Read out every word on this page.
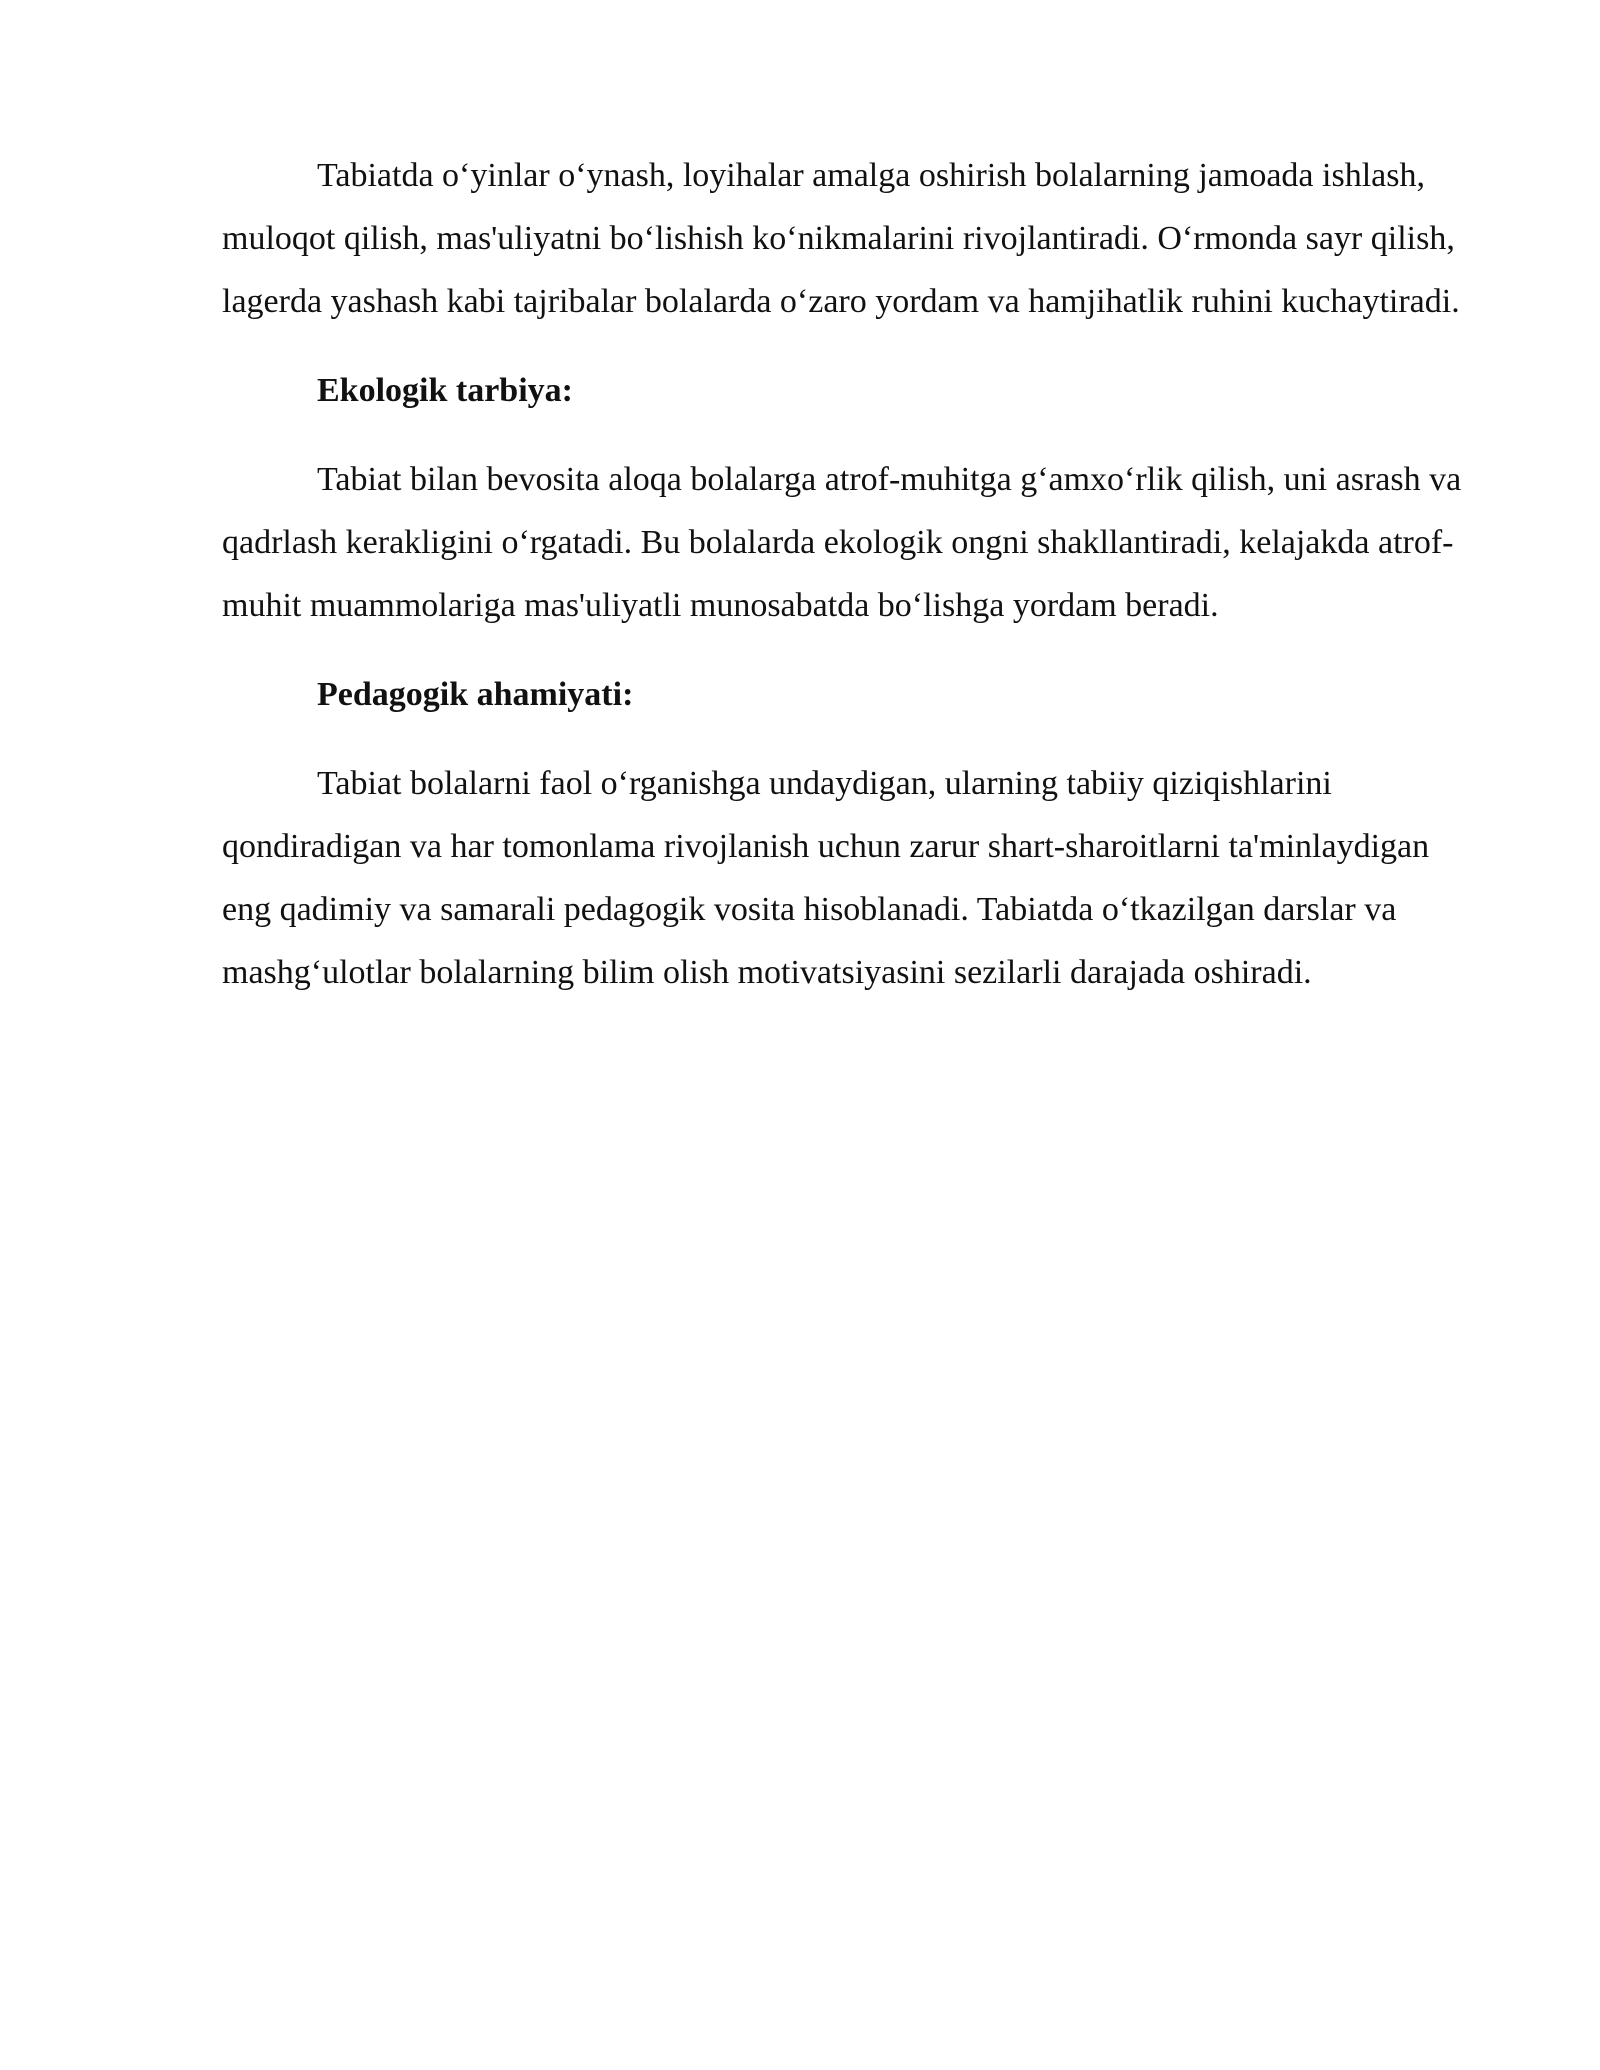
Tabiatda o‘yinlar o‘ynash, loyihalar amalga oshirish bolalarning jamoada ishlash, muloqot qilish, mas'uliyatni bo‘lishish ko‘nikmalarini rivojlantiradi. O‘rmonda sayr qilish, lagerda yashash kabi tajribalar bolalarda o‘zaro yordam va hamjihatlik ruhini kuchaytiradi.

Ekologik tarbiya:

Tabiat bilan bevosita aloqa bolalarga atrof-muhitga g‘amxo‘rlik qilish, uni asrash va qadrlash kerakligini o‘rgatadi. Bu bolalarda ekologik ongni shakllantiradi, kelajakda atrof-muhit muammolariga mas'uliyatli munosabatda bo‘lishga yordam beradi.

Pedagogik ahamiyati:

Tabiat bolalarni faol o‘rganishga undaydigan, ularning tabiiy qiziqishlarini qondiradigan va har tomonlama rivojlanish uchun zarur shart-sharoitlarni ta'minlaydigan eng qadimiy va samarali pedagogik vosita hisoblanadi. Tabiatda o‘tkazilgan darslar va mashg‘ulotlar bolalarning bilim olish motivatsiyasini sezilarli darajada oshiradi.
